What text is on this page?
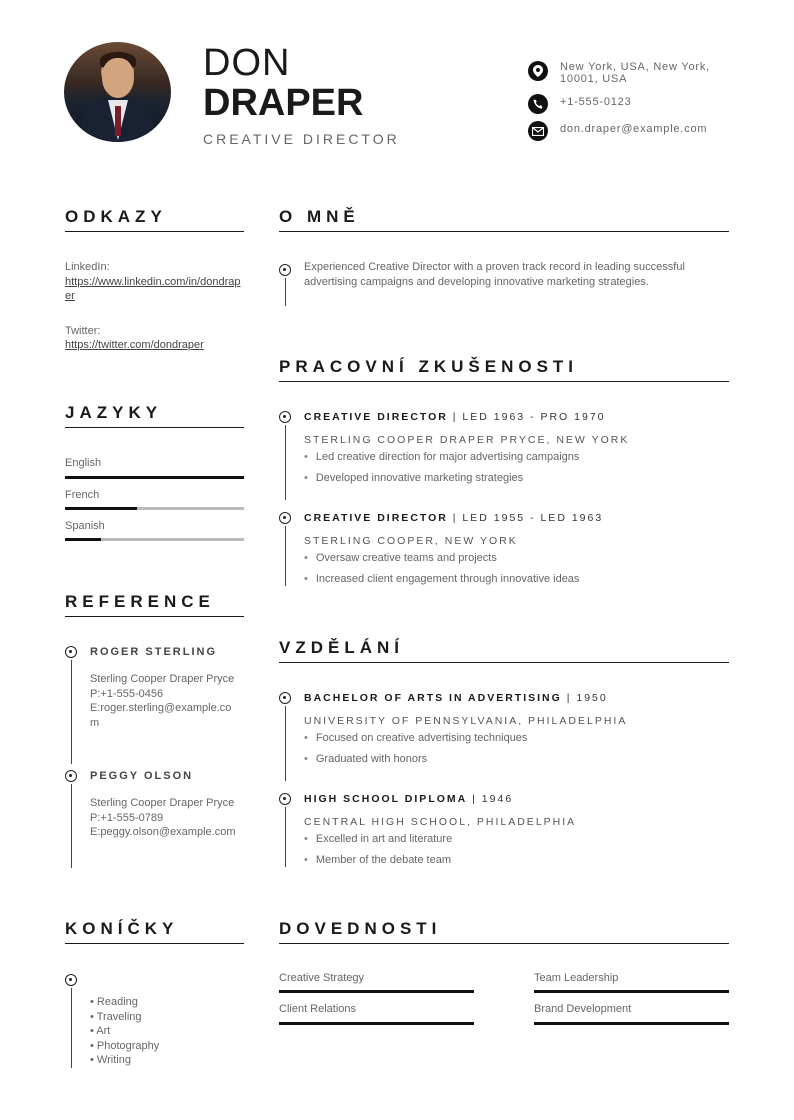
DON
DRAPER
CREATIVE DIRECTOR
New York, USA, New York, 10001, USA
+1-555-0123
don.draper@example.com
ODKAZY
LinkedIn:
https://www.linkedin.com/in/dondraper
Twitter:
https://twitter.com/dondraper
JAZYKY
English
French
Spanish
REFERENCE
ROGER STERLING
Sterling Cooper Draper Pryce
P:+1-555-0456
E:roger.sterling@example.com
PEGGY OLSON
Sterling Cooper Draper Pryce
P:+1-555-0789
E:peggy.olson@example.com
KONÍČKY
• Reading
• Traveling
• Art
• Photography
• Writing
O MNĚ
Experienced Creative Director with a proven track record in leading successful advertising campaigns and developing innovative marketing strategies.
PRACOVNÍ ZKUŠENOSTI
CREATIVE DIRECTOR | LED 1963 - PRO 1970
STERLING COOPER DRAPER PRYCE, NEW YORK
• Led creative direction for major advertising campaigns
• Developed innovative marketing strategies
CREATIVE DIRECTOR | LED 1955 - LED 1963
STERLING COOPER, NEW YORK
• Oversaw creative teams and projects
• Increased client engagement through innovative ideas
VZDĚLÁNÍ
BACHELOR OF ARTS IN ADVERTISING | 1950
UNIVERSITY OF PENNSYLVANIA, PHILADELPHIA
• Focused on creative advertising techniques
• Graduated with honors
HIGH SCHOOL DIPLOMA | 1946
CENTRAL HIGH SCHOOL, PHILADELPHIA
• Excelled in art and literature
• Member of the debate team
DOVEDNOSTI
Creative Strategy	Team Leadership
Client Relations	Brand Development
